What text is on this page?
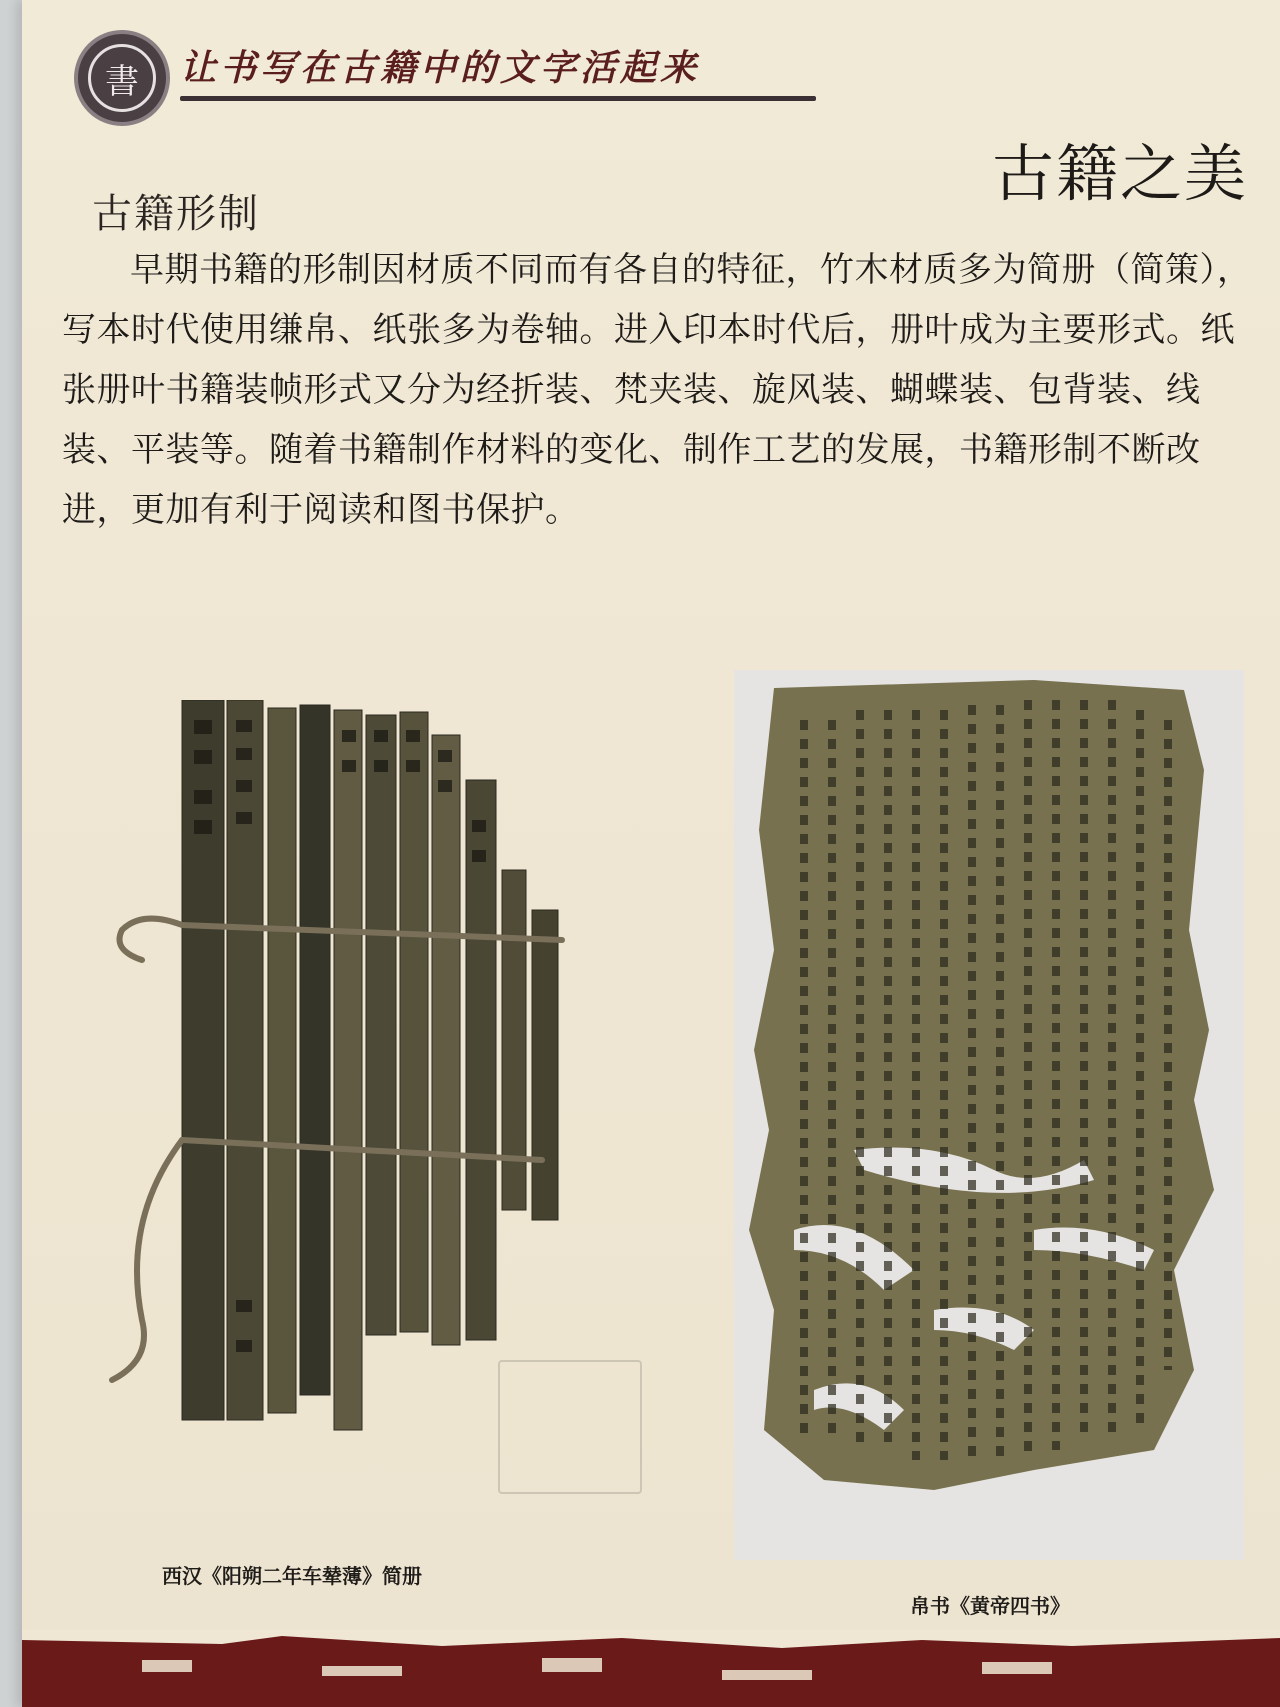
書	让书写在古籍中的文字活起来
古籍之美
古籍形制

早期书籍的形制因材质不同而有各自的特征，竹木材质多为简册（简策），写本时代使用缣帛、纸张多为卷轴。进入印本时代后，册叶成为主要形式。纸张册叶书籍装帧形式又分为经折装、梵夹装、旋风装、蝴蝶装、包背装、线装、平装等。随着书籍制作材料的变化、制作工艺的发展，书籍形制不断改进，更加有利于阅读和图书保护。

西汉《阳朔二年车辇薄》简册
帛书《黄帝四书》
